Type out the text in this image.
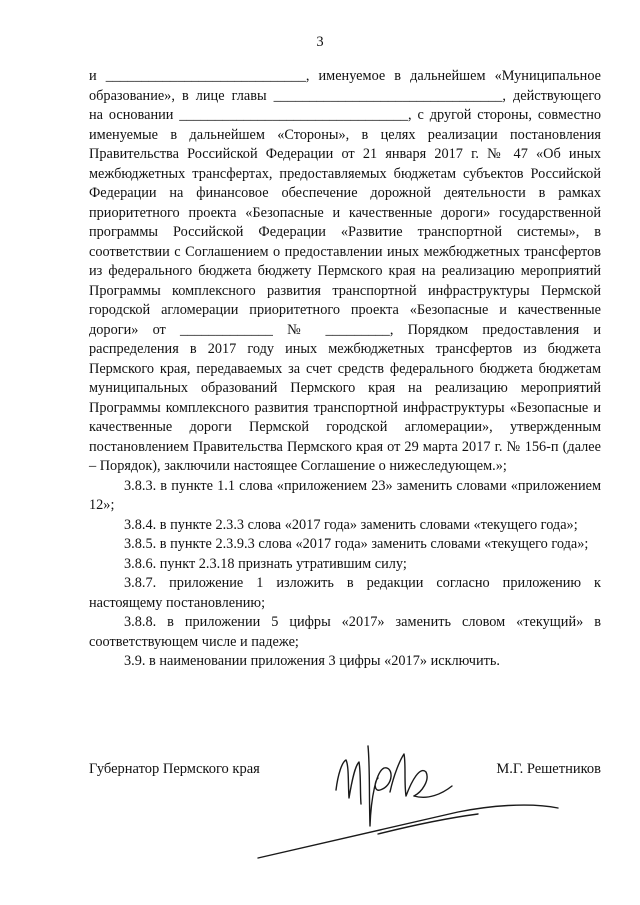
3

и ____________________________, именуемое в дальнейшем «Муниципальное образование», в лице главы ________________________________, действующего на основании ________________________________, с другой стороны, совместно именуемые в дальнейшем «Стороны», в целях реализации постановления Правительства Российской Федерации от 21 января 2017 г. № 47 «Об иных межбюджетных трансфертах, предоставляемых бюджетам субъектов Российской Федерации на финансовое обеспечение дорожной деятельности в рамках приоритетного проекта «Безопасные и качественные дороги» государственной программы Российской Федерации «Развитие транспортной системы», в соответствии с Соглашением о предоставлении иных межбюджетных трансфертов из федерального бюджета бюджету Пермского края на реализацию мероприятий Программы комплексного развития транспортной инфраструктуры Пермской городской агломерации приоритетного проекта «Безопасные и качественные дороги» от _____________ № _________, Порядком предоставления и распределения в 2017 году иных межбюджетных трансфертов из бюджета Пермского края, передаваемых за счет средств федерального бюджета бюджетам муниципальных образований Пермского края на реализацию мероприятий Программы комплексного развития транспортной инфраструктуры «Безопасные и качественные дороги Пермской городской агломерации», утвержденным постановлением Правительства Пермского края от 29 марта 2017 г. № 156-п (далее – Порядок), заключили настоящее Соглашение о нижеследующем.»;

3.8.3. в пункте 1.1 слова «приложением 23» заменить словами «приложением 12»;

3.8.4. в пункте 2.3.3 слова «2017 года» заменить словами «текущего года»;

3.8.5. в пункте 2.3.9.3 слова «2017 года» заменить словами «текущего года»;

3.8.6. пункт 2.3.18 признать утратившим силу;

3.8.7. приложение 1 изложить в редакции согласно приложению к настоящему постановлению;

3.8.8. в приложении 5 цифры «2017» заменить словом «текущий» в соответствующем числе и падеже;

3.9. в наименовании приложения 3 цифры «2017» исключить.

Губернатор Пермского края	М.Г. Решетников
